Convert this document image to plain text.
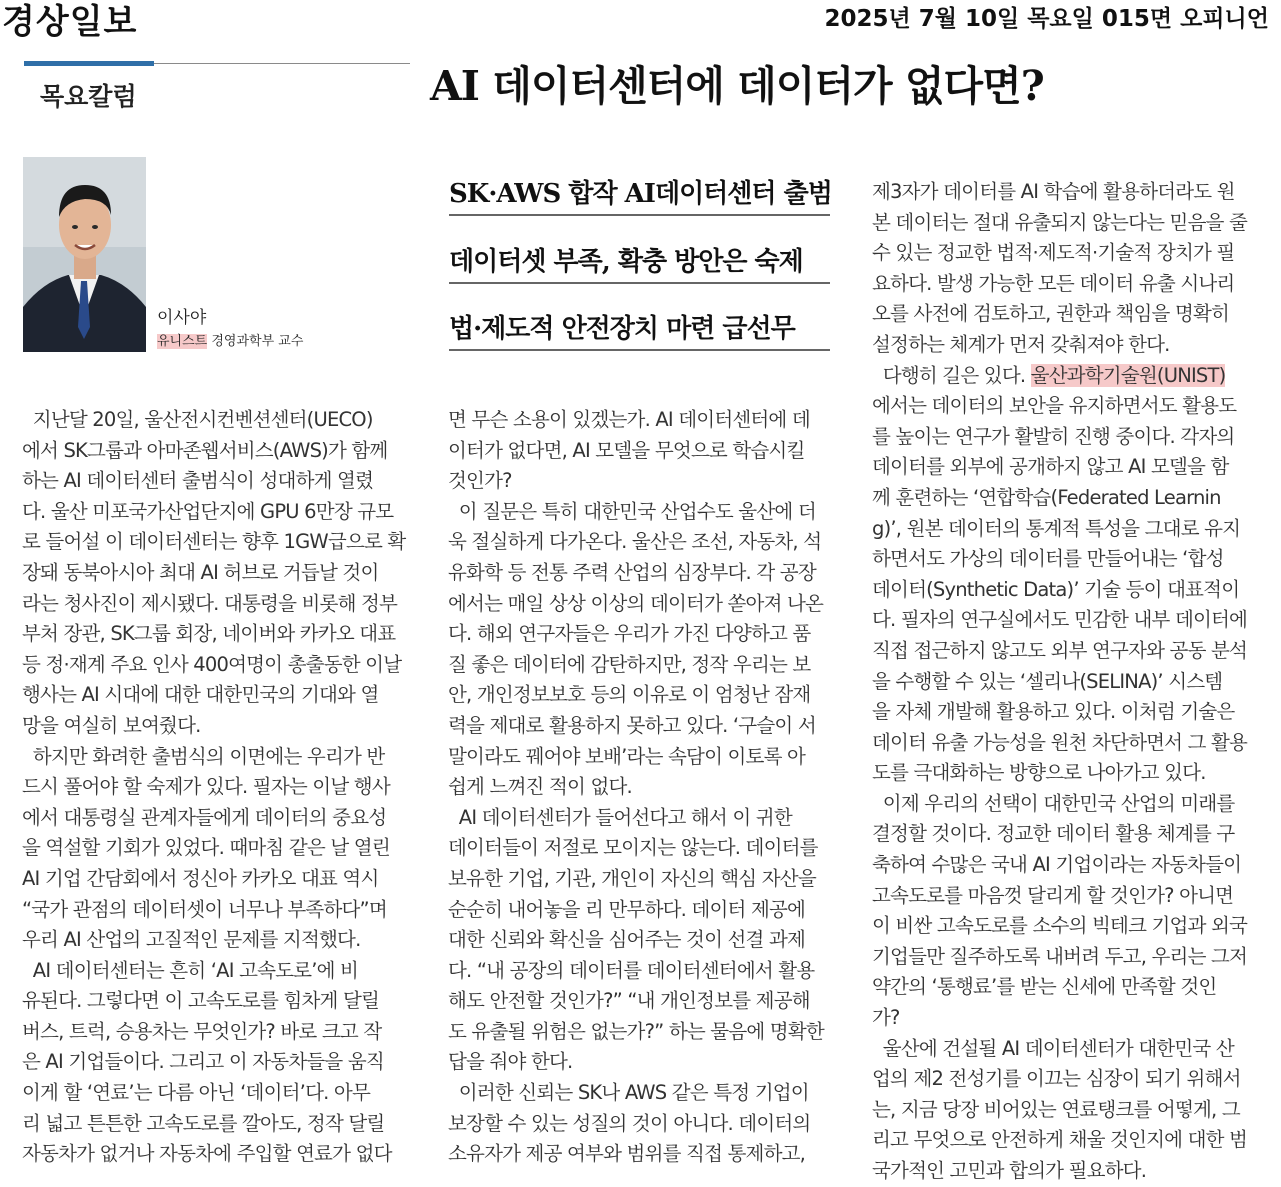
경상일보	2025년 7월 10일 목요일 015면 오피니언
목요칼럼	AI 데이터센터에 데이터가 없다면?
이사야
유니스트 경영과학부 교수
SK·AWS 합작 AI데이터센터 출범
데이터셋 부족, 확충 방안은 숙제
법·제도적 안전장치 마련 급선무

지난달 20일, 울산전시컨벤션센터(UECO)

에서 SK그룹과 아마존웹서비스(AWS)가 함께

하는 AI 데이터센터 출범식이 성대하게 열렸

다. 울산 미포국가산업단지에 GPU 6만장 규모

로 들어설 이 데이터센터는 향후 1GW급으로 확

장돼 동북아시아 최대 AI 허브로 거듭날 것이

라는 청사진이 제시됐다. 대통령을 비롯해 정부

부처 장관, SK그룹 회장, 네이버와 카카오 대표

등 정·재계 주요 인사 400여명이 총출동한 이날

행사는 AI 시대에 대한 대한민국의 기대와 열

망을 여실히 보여줬다.

하지만 화려한 출범식의 이면에는 우리가 반

드시 풀어야 할 숙제가 있다. 필자는 이날 행사

에서 대통령실 관계자들에게 데이터의 중요성

을 역설할 기회가 있었다. 때마침 같은 날 열린

AI 기업 간담회에서 정신아 카카오 대표 역시

“국가 관점의 데이터셋이 너무나 부족하다”며

우리 AI 산업의 고질적인 문제를 지적했다.

AI 데이터센터는 흔히 ‘AI 고속도로’에 비

유된다. 그렇다면 이 고속도로를 힘차게 달릴

버스, 트럭, 승용차는 무엇인가? 바로 크고 작

은 AI 기업들이다. 그리고 이 자동차들을 움직

이게 할 ‘연료’는 다름 아닌 ‘데이터’다. 아무

리 넓고 튼튼한 고속도로를 깔아도, 정작 달릴

자동차가 없거나 자동차에 주입할 연료가 없다

면 무슨 소용이 있겠는가. AI 데이터센터에 데

이터가 없다면, AI 모델을 무엇으로 학습시킬

것인가?

이 질문은 특히 대한민국 산업수도 울산에 더

욱 절실하게 다가온다. 울산은 조선, 자동차, 석

유화학 등 전통 주력 산업의 심장부다. 각 공장

에서는 매일 상상 이상의 데이터가 쏟아져 나온

다. 해외 연구자들은 우리가 가진 다양하고 품

질 좋은 데이터에 감탄하지만, 정작 우리는 보

안, 개인정보보호 등의 이유로 이 엄청난 잠재

력을 제대로 활용하지 못하고 있다. ‘구슬이 서

말이라도 꿰어야 보배’라는 속담이 이토록 아

쉽게 느껴진 적이 없다.

AI 데이터센터가 들어선다고 해서 이 귀한

데이터들이 저절로 모이지는 않는다. 데이터를

보유한 기업, 기관, 개인이 자신의 핵심 자산을

순순히 내어놓을 리 만무하다. 데이터 제공에

대한 신뢰와 확신을 심어주는 것이 선결 과제

다. “내 공장의 데이터를 데이터센터에서 활용

해도 안전할 것인가?” “내 개인정보를 제공해

도 유출될 위험은 없는가?” 하는 물음에 명확한

답을 줘야 한다.

이러한 신뢰는 SK나 AWS 같은 특정 기업이

보장할 수 있는 성질의 것이 아니다. 데이터의

소유자가 제공 여부와 범위를 직접 통제하고,

제3자가 데이터를 AI 학습에 활용하더라도 원

본 데이터는 절대 유출되지 않는다는 믿음을 줄

수 있는 정교한 법적·제도적·기술적 장치가 필

요하다. 발생 가능한 모든 데이터 유출 시나리

오를 사전에 검토하고, 권한과 책임을 명확히

설정하는 체계가 먼저 갖춰져야 한다.

다행히 길은 있다. 울산과학기술원(UNIST)

에서는 데이터의 보안을 유지하면서도 활용도

를 높이는 연구가 활발히 진행 중이다. 각자의

데이터를 외부에 공개하지 않고 AI 모델을 함

께 훈련하는 ‘연합학습(Federated Learnin

g)’, 원본 데이터의 통계적 특성을 그대로 유지

하면서도 가상의 데이터를 만들어내는 ‘합성

데이터(Synthetic Data)’ 기술 등이 대표적이

다. 필자의 연구실에서도 민감한 내부 데이터에

직접 접근하지 않고도 외부 연구자와 공동 분석

을 수행할 수 있는 ‘셀리나(SELINA)’ 시스템

을 자체 개발해 활용하고 있다. 이처럼 기술은

데이터 유출 가능성을 원천 차단하면서 그 활용

도를 극대화하는 방향으로 나아가고 있다.

이제 우리의 선택이 대한민국 산업의 미래를

결정할 것이다. 정교한 데이터 활용 체계를 구

축하여 수많은 국내 AI 기업이라는 자동차들이

고속도로를 마음껏 달리게 할 것인가? 아니면

이 비싼 고속도로를 소수의 빅테크 기업과 외국

기업들만 질주하도록 내버려 두고, 우리는 그저

약간의 ‘통행료’를 받는 신세에 만족할 것인

가?

울산에 건설될 AI 데이터센터가 대한민국 산

업의 제2 전성기를 이끄는 심장이 되기 위해서

는, 지금 당장 비어있는 연료탱크를 어떻게, 그

리고 무엇으로 안전하게 채울 것인지에 대한 범

국가적인 고민과 합의가 필요하다.
